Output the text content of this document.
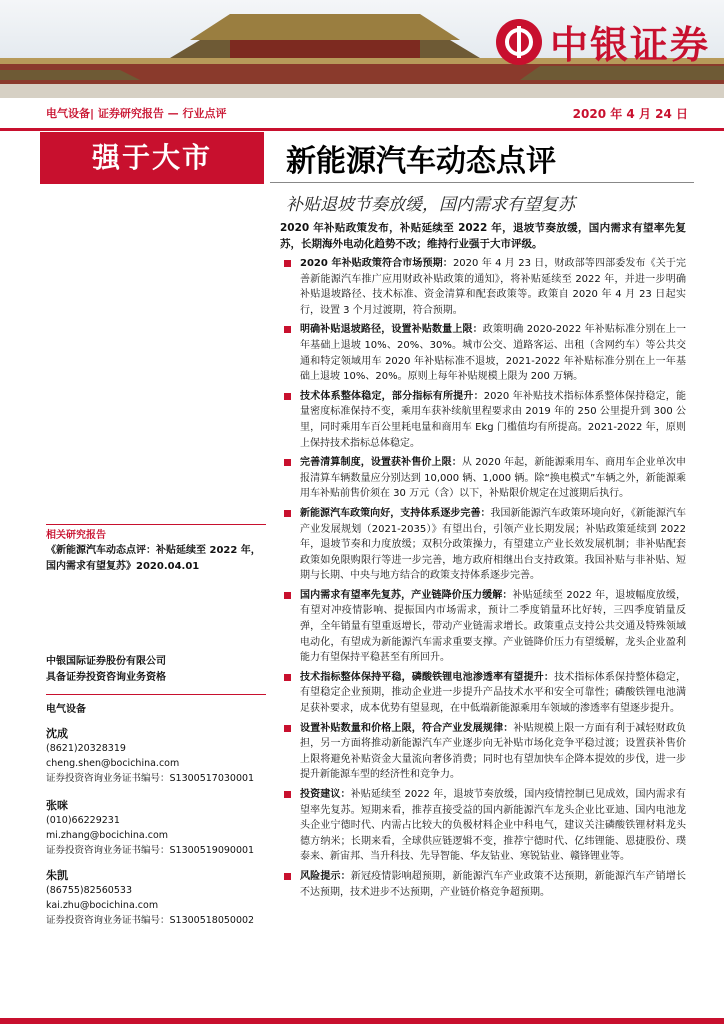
中银证券
电气设备| 证券研究报告 — 行业点评	2020 年 4 月 24 日
强于大市	新能源汽车动态点评
补贴退坡节奏放缓，国内需求有望复苏

2020 年补贴政策发布，补贴延续至 2022 年，退坡节奏放缓，国内需求有望率先复苏，长期海外电动化趋势不改；维持行业强于大市评级。

2020 年补贴政策符合市场预期：2020 年 4 月 23 日，财政部等四部委发布《关于完善新能源汽车推广应用财政补贴政策的通知》，将补贴延续至 2022 年，并进一步明确补贴退坡路径、技术标准、资金清算和配套政策等。政策自 2020 年 4 月 23 日起实行，设置 3 个月过渡期，符合预期。
明确补贴退坡路径，设置补贴数量上限：政策明确 2020-2022 年补贴标准分别在上一年基础上退坡 10%、20%、30%。城市公交、道路客运、出租（含网约车）等公共交通和特定领域用车 2020 年补贴标准不退坡，2021-2022 年补贴标准分别在上一年基础上退坡 10%、20%。原则上每年补贴规模上限为 200 万辆。
技术体系整体稳定，部分指标有所提升：2020 年补贴技术指标体系整体保持稳定，能量密度标准保持不变，乘用车获补续航里程要求由 2019 年的 250 公里提升到 300 公里，同时乘用车百公里耗电量和商用车 Ekg 门槛值均有所提高。2021-2022 年，原则上保持技术指标总体稳定。
完善清算制度，设置获补售价上限：从 2020 年起，新能源乘用车、商用车企业单次申报清算车辆数量应分别达到 10,000 辆、1,000 辆。除“换电模式”车辆之外，新能源乘用车补贴前售价须在 30 万元（含）以下，补贴限价规定在过渡期后执行。
新能源汽车政策向好，支持体系逐步完善：我国新能源汽车政策环境向好，《新能源汽车产业发展规划（2021-2035）》有望出台，引领产业长期发展；补贴政策延续到 2022 年，退坡节奏和力度放缓；双积分政策操力，有望建立产业长效发展机制；非补贴配套政策如免限购限行等进一步完善，地方政府相继出台支持政策。我国补贴与非补贴、短期与长期、中央与地方结合的政策支持体系逐步完善。
国内需求有望率先复苏，产业链降价压力缓解：补贴延续至 2022 年，退坡幅度放缓，有望对冲疫情影响、提振国内市场需求，预计二季度销量环比好转，三四季度销量反弹，全年销量有望重返增长，带动产业链需求增长。政策重点支持公共交通及特殊领域电动化，有望成为新能源汽车需求重要支撑。产业链降价压力有望缓解，龙头企业盈利能力有望保持平稳甚至有所回升。
技术指标整体保持平稳，磷酸铁锂电池渗透率有望提升：技术指标体系保持整体稳定，有望稳定企业预期，推动企业进一步提升产品技术水平和安全可靠性；磷酸铁锂电池满足获补要求，成本优势有望显现，在中低端新能源乘用车领域的渗透率有望逐步提升。
设置补贴数量和价格上限，符合产业发展规律：补贴规模上限一方面有利于减轻财政负担，另一方面将推动新能源汽车产业逐步向无补贴市场化竞争平稳过渡；设置获补售价上限将避免补贴资金大量流向奢侈消费；同时也有望加快车企降本提效的步伐，进一步提升新能源车型的经济性和竞争力。
投资建议：补贴延续至 2022 年，退坡节奏放缓，国内疫情控制已见成效，国内需求有望率先复苏。短期来看，推荐直接受益的国内新能源汽车龙头企业比亚迪、国内电池龙头企业宁德时代、内需占比较大的负极材料企业中科电气，建议关注磷酸铁锂材料龙头德方纳米；长期来看，全球供应链逻辑不变，推荐宁德时代、亿纬锂能、恩捷股份、璞泰来、新宙邦、当升科技、先导智能、华友钴业、寒锐钴业、赣锋锂业等。
风险提示：新冠疫情影响超预期，新能源汽车产业政策不达预期，新能源汽车产销增长不达预期，技术进步不达预期，产业链价格竞争超预期。
相关研究报告
《新能源汽车动态点评：补贴延续至 2022 年，国内需求有望复苏》2020.04.01
中银国际证券股份有限公司
具备证券投资咨询业务资格
电气设备
沈成
(8621)20328319
cheng.shen@bocichina.com
证券投资咨询业务证书编号：S1300517030001
张咪
(010)66229231
mi.zhang@bocichina.com
证券投资咨询业务证书编号：S1300519090001
朱凯
(86755)82560533
kai.zhu@bocichina.com
证券投资咨询业务证书编号：S1300518050002
